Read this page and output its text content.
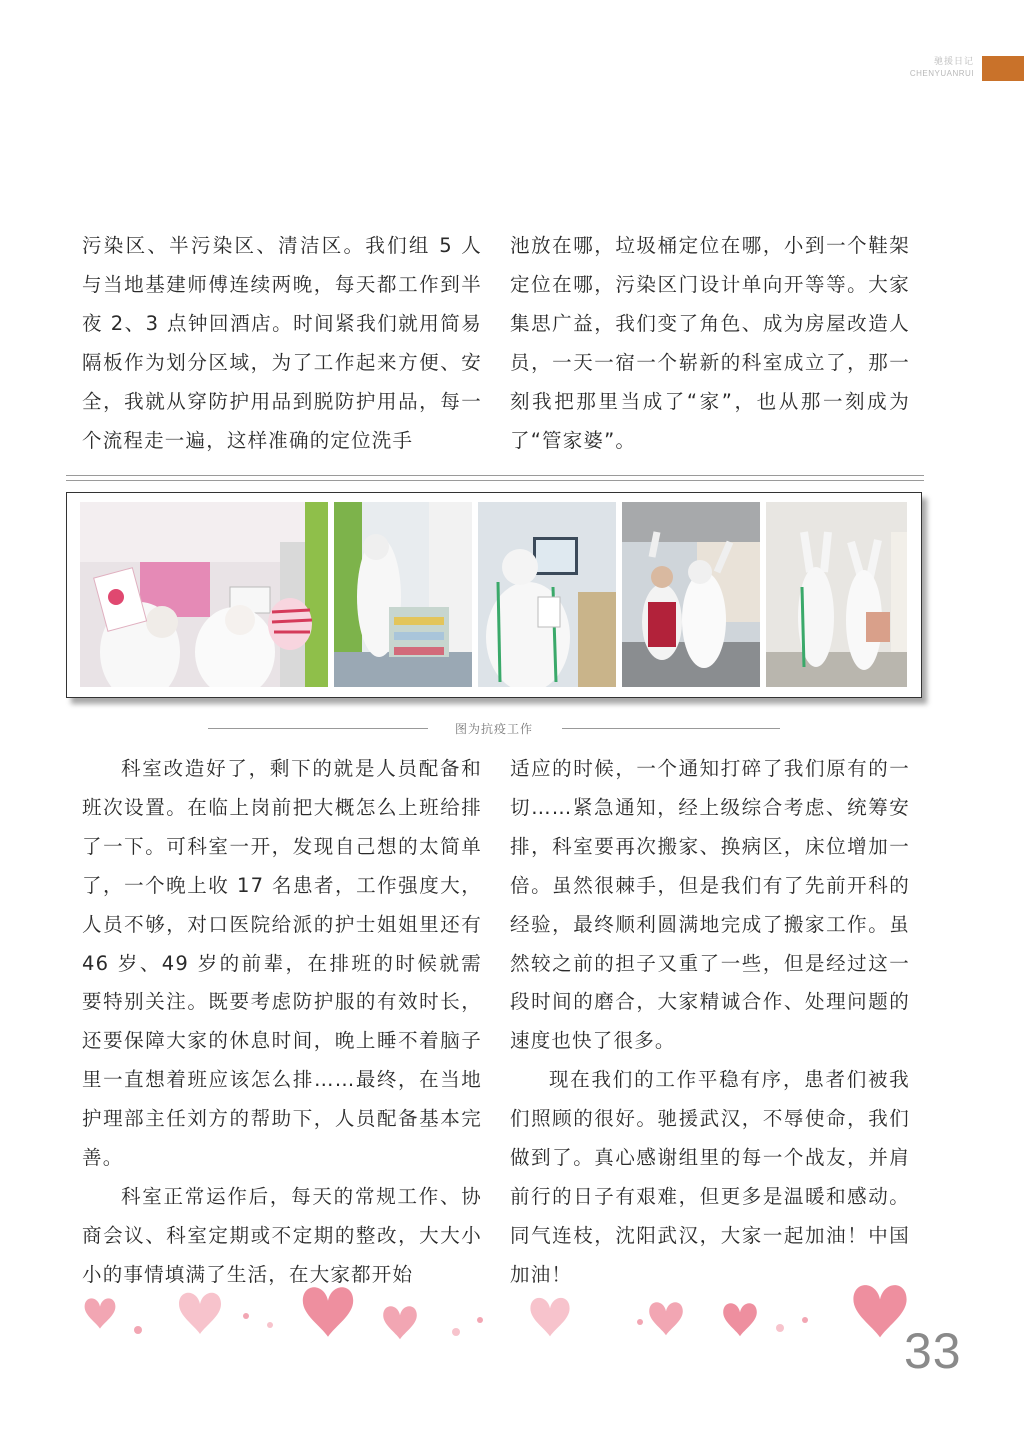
驰援日记
CHENYUANRUI

污染区、半污染区、清洁区。我们组 5 人与当地基建师傅连续两晚，每天都工作到半夜 2、3 点钟回酒店。时间紧我们就用简易隔板作为划分区域，为了工作起来方便、安全，我就从穿防护用品到脱防护用品，每一个流程走一遍，这样准确的定位洗手

池放在哪，垃圾桶定位在哪，小到一个鞋架定位在哪，污染区门设计单向开等等。大家集思广益，我们变了角色、成为房屋改造人员，一天一宿一个崭新的科室成立了，那一刻我把那里当成了“家”，也从那一刻成为了“管家婆”。

图为抗疫工作

科室改造好了，剩下的就是人员配备和班次设置。在临上岗前把大概怎么上班给排了一下。可科室一开，发现自己想的太简单了，一个晚上收 17 名患者，工作强度大，人员不够，对口医院给派的护士姐姐里还有 46 岁、49 岁的前辈，在排班的时候就需要特别关注。既要考虑防护服的有效时长，还要保障大家的休息时间，晚上睡不着脑子里一直想着班应该怎么排……最终，在当地护理部主任刘方的帮助下，人员配备基本完善。

科室正常运作后，每天的常规工作、协商会议、科室定期或不定期的整改，大大小小的事情填满了生活，在大家都开始

适应的时候，一个通知打碎了我们原有的一切……紧急通知，经上级综合考虑、统筹安排，科室要再次搬家、换病区，床位增加一倍。虽然很棘手，但是我们有了先前开科的经验，最终顺利圆满地完成了搬家工作。虽然较之前的担子又重了一些，但是经过这一段时间的磨合，大家精诚合作、处理问题的速度也快了很多。

现在我们的工作平稳有序，患者们被我们照顾的很好。驰援武汉，不辱使命，我们做到了。真心感谢组里的每一个战友，并肩前行的日子有艰难，但更多是温暖和感动。同气连枝，沈阳武汉，大家一起加油！中国加油！

33
